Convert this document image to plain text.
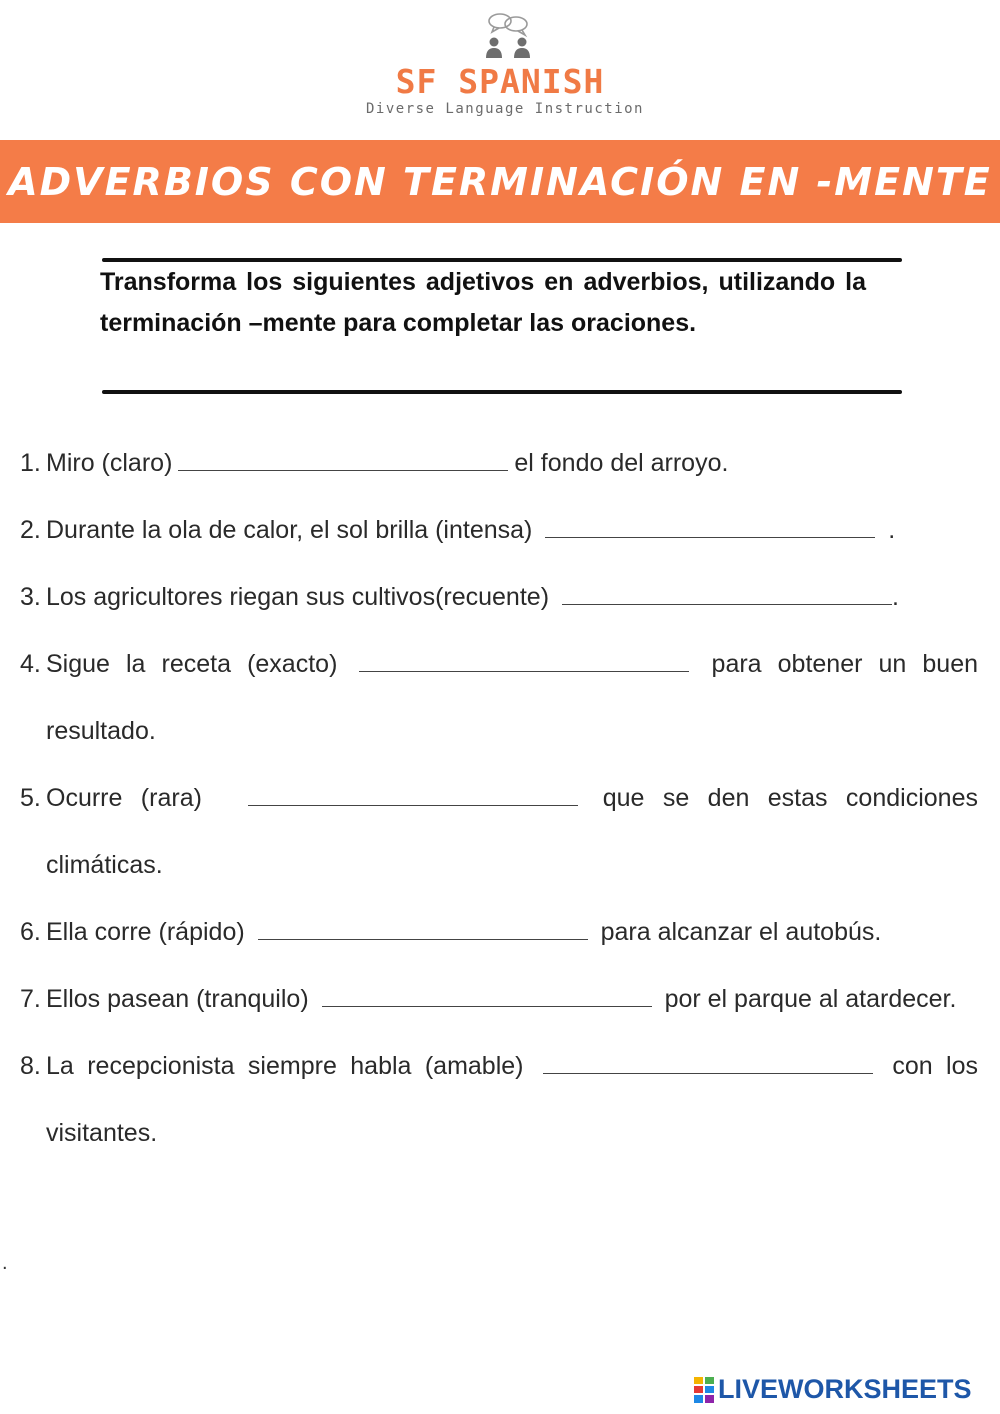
SF SPANISH
Diverse Language Instruction
ADVERBIOS CON TERMINACIÓN EN -MENTE
Transforma los siguientes adjetivos en adverbios, utilizando la terminación –mente para completar las oraciones.
1. Miro (claro)	el fondo del arroyo.
2. Durante la ola de calor, el sol brilla (intensa)	.
3. Los agricultores riegan sus cultivos(recuente)	.
4. Sigue la receta (exacto)	para obtener un buen resultado.
5. Ocurre (rara)	que se den estas condiciones climáticas.
6. Ella corre (rápido)	para alcanzar el autobús.
7. Ellos pasean (tranquilo)	por el parque al atardecer.
8. La recepcionista siempre habla (amable)	con los visitantes.
.
LIVEWORKSHEETS
